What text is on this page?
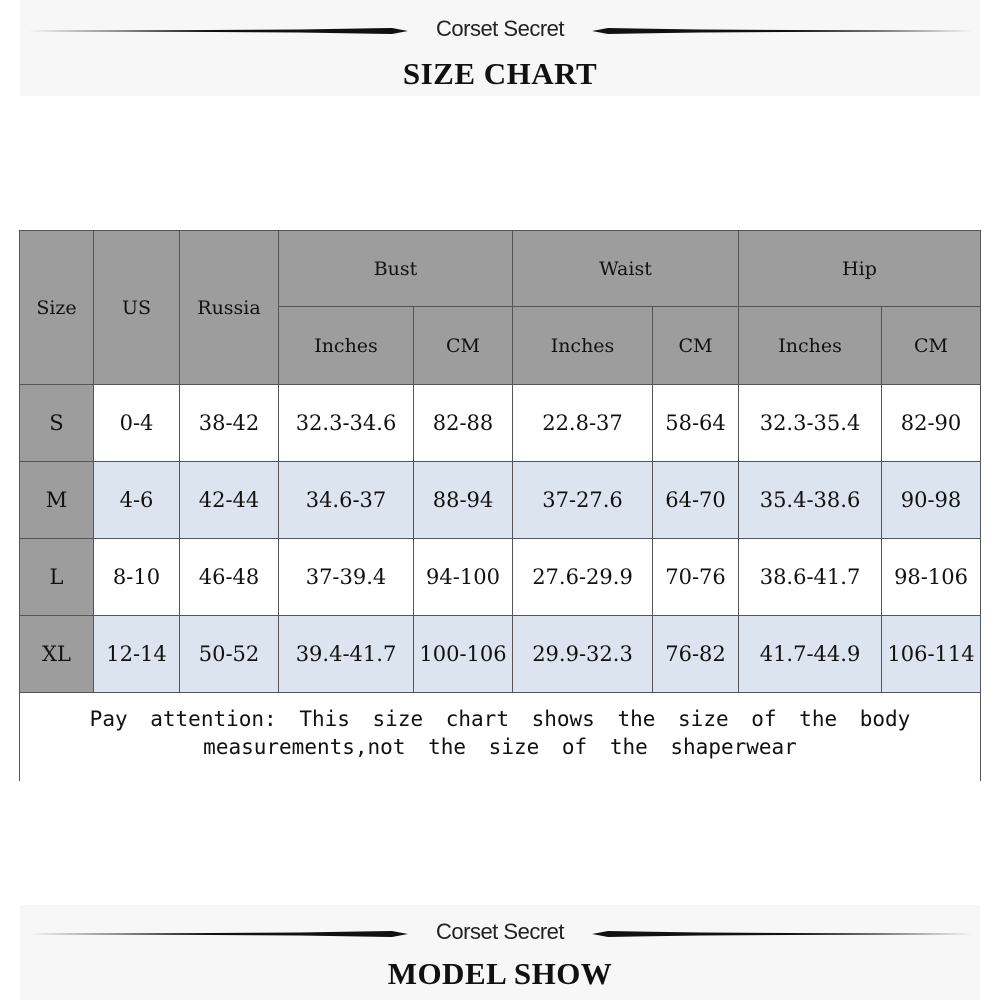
Corset Secret
SIZE CHART
Size	US	Russia	Bust		Waist		Hip	
			Inches	CM	Inches	CM	Inches	CM
S	0-4	38-42	32.3-34.6	82-88	22.8-37	58-64	32.3-35.4	82-90
M	4-6	42-44	34.6-37	88-94	37-27.6	64-70	35.4-38.6	90-98
L	8-10	46-48	37-39.4	94-100	27.6-29.9	70-76	38.6-41.7	98-106
XL	12-14	50-52	39.4-41.7	100-106	29.9-32.3	76-82	41.7-44.9	106-114
Pay attention: This size chart shows the size of the body measurements,not the size of the shaperwear								
Corset Secret
MODEL SHOW
